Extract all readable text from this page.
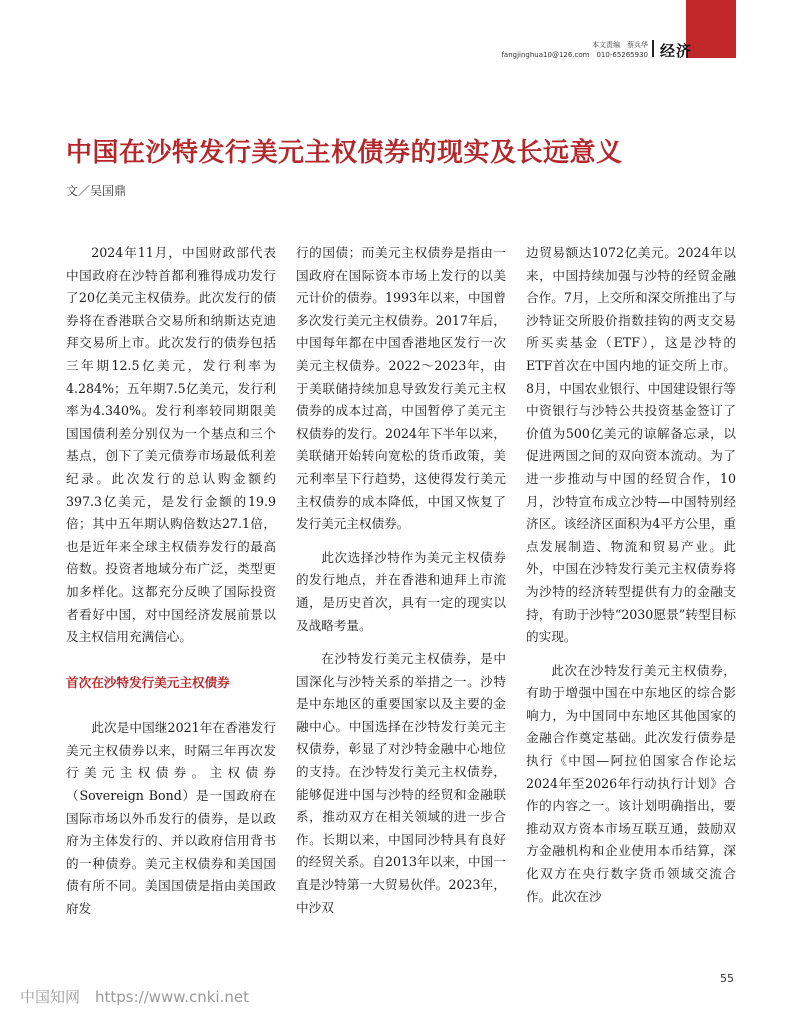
本文责编　蔡兵华
fangjinghua10@126.com　010-65265930 经济瞭望
中国在沙特发行美元主权债券的现实及长远意义
文／吴国鼎

2024年11月，中国财政部代表中国政府在沙特首都利雅得成功发行了20亿美元主权债券。此次发行的债券将在香港联合交易所和纳斯达克迪拜交易所上市。此次发行的债券包括三年期12.5亿美元，发行利率为4.284%；五年期7.5亿美元，发行利率为4.340%。发行利率较同期限美国国债利差分别仅为一个基点和三个基点，创下了美元债券市场最低利差纪录。此次发行的总认购金额约397.3亿美元，是发行金额的19.9倍；其中五年期认购倍数达27.1倍，也是近年来全球主权债券发行的最高倍数。投资者地域分布广泛，类型更加多样化。这都充分反映了国际投资者看好中国，对中国经济发展前景以及主权信用充满信心。

首次在沙特发行美元主权债券

此次是中国继2021年在香港发行美元主权债券以来，时隔三年再次发行美元主权债券。主权债券（Sovereign Bond）是一国政府在国际市场以外币发行的债券，是以政府为主体发行的、并以政府信用背书的一种债券。美元主权债券和美国国债有所不同。美国国债是指由美国政府发

行的国债；而美元主权债券是指由一国政府在国际资本市场上发行的以美元计价的债券。1993年以来，中国曾多次发行美元主权债券。2017年后，中国每年都在中国香港地区发行一次美元主权债券。2022～2023年，由于美联储持续加息导致发行美元主权债券的成本过高，中国暂停了美元主权债券的发行。2024年下半年以来，美联储开始转向宽松的货币政策，美元利率呈下行趋势，这使得发行美元主权债券的成本降低，中国又恢复了发行美元主权债券。

此次选择沙特作为美元主权债券的发行地点，并在香港和迪拜上市流通，是历史首次，具有一定的现实以及战略考量。

在沙特发行美元主权债券，是中国深化与沙特关系的举措之一。沙特是中东地区的重要国家以及主要的金融中心。中国选择在沙特发行美元主权债券，彰显了对沙特金融中心地位的支持。在沙特发行美元主权债券，能够促进中国与沙特的经贸和金融联系，推动双方在相关领域的进一步合作。长期以来，中国同沙特具有良好的经贸关系。自2013年以来，中国一直是沙特第一大贸易伙伴。2023年，中沙双

边贸易额达1072亿美元。2024年以来，中国持续加强与沙特的经贸金融合作。7月，上交所和深交所推出了与沙特证交所股价指数挂钩的两支交易所买卖基金（ETF），这是沙特的ETF首次在中国内地的证交所上市。8月，中国农业银行、中国建设银行等中资银行与沙特公共投资基金签订了价值为500亿美元的谅解备忘录，以促进两国之间的双向资本流动。为了进一步推动与中国的经贸合作，10月，沙特宣布成立沙特—中国特别经济区。该经济区面积为4平方公里，重点发展制造、物流和贸易产业。此外，中国在沙特发行美元主权债券将为沙特的经济转型提供有力的金融支持，有助于沙特“2030愿景”转型目标的实现。

此次在沙特发行美元主权债券，有助于增强中国在中东地区的综合影响力，为中国同中东地区其他国家的金融合作奠定基础。此次发行债券是执行《中国—阿拉伯国家合作论坛2024年至2026年行动执行计划》合作的内容之一。该计划明确指出，要推动双方资本市场互联互通，鼓励双方金融机构和企业使用本币结算，深化双方在央行数字货币领域交流合作。此次在沙

55
中国知网　https://www.cnki.net
